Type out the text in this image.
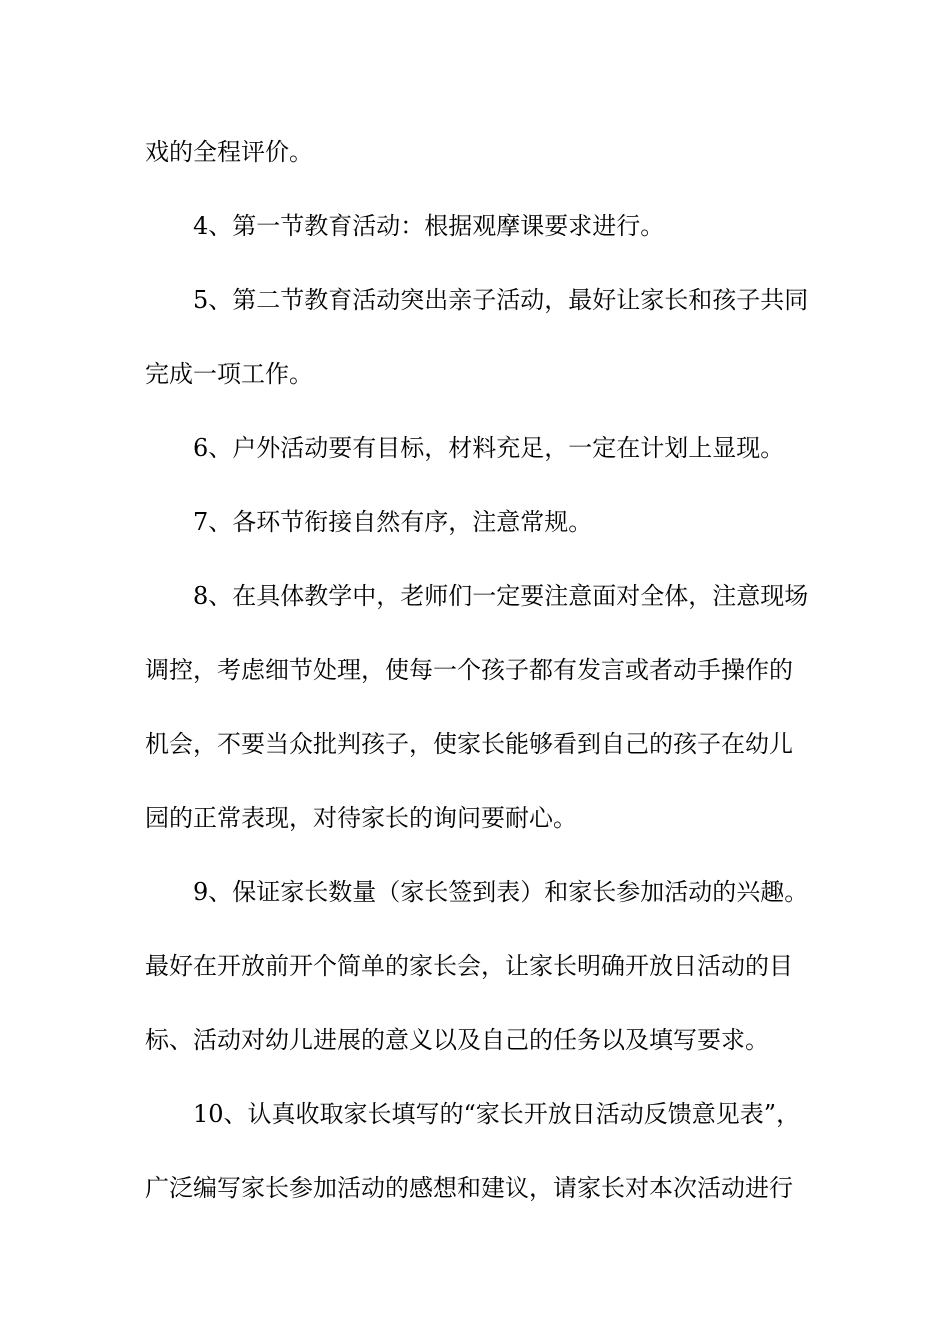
戏的全程评价。
4、第一节教育活动：根据观摩课要求进行。
5、第二节教育活动突出亲子活动，最好让家长和孩子共同
完成一项工作。
6、户外活动要有目标，材料充足，一定在计划上显现。
7、各环节衔接自然有序，注意常规。
8、在具体教学中，老师们一定要注意面对全体，注意现场
调控，考虑细节处理，使每一个孩子都有发言或者动手操作的
机会，不要当众批判孩子，使家长能够看到自己的孩子在幼儿
园的正常表现，对待家长的询问要耐心。
9、保证家长数量（家长签到表）和家长参加活动的兴趣。
最好在开放前开个简单的家长会，让家长明确开放日活动的目
标、活动对幼儿进展的意义以及自己的任务以及填写要求。
10、认真收取家长填写的“家长开放日活动反馈意见表”，
广泛编写家长参加活动的感想和建议，请家长对本次活动进行
